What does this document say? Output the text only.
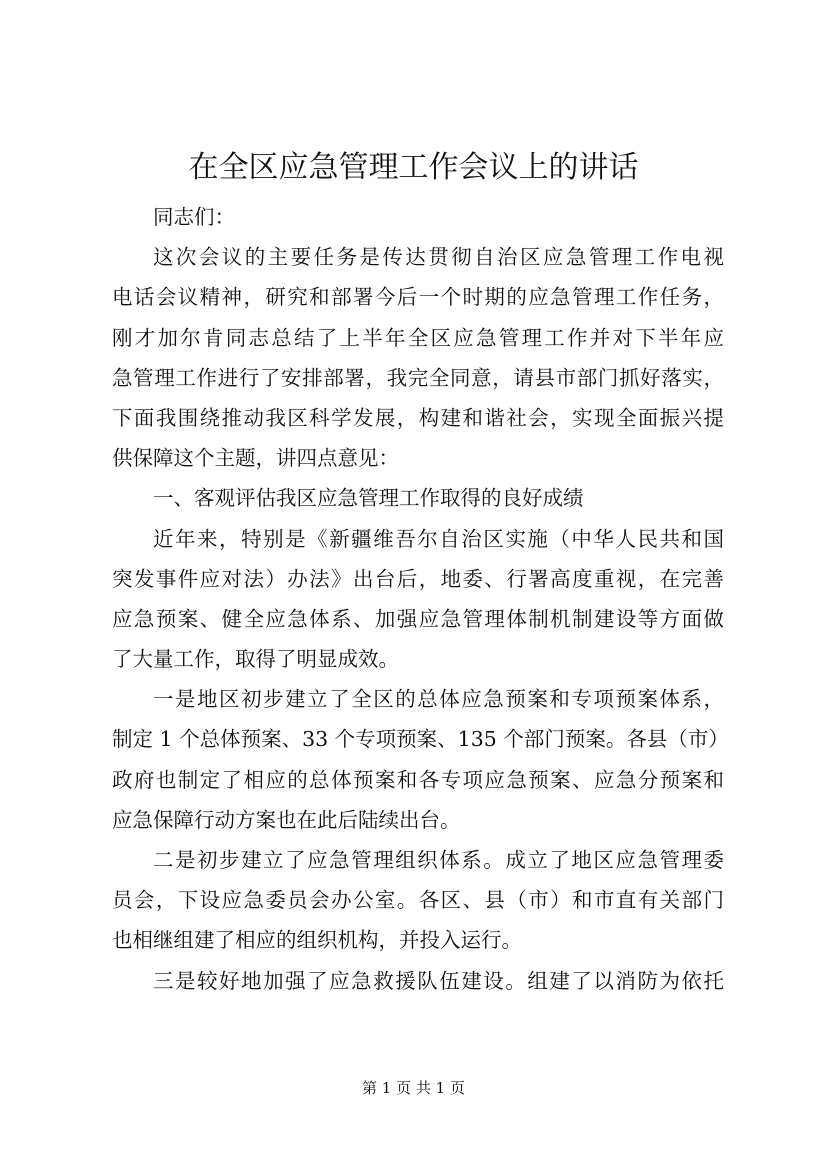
在全区应急管理工作会议上的讲话
同志们：
这次会议的主要任务是传达贯彻自治区应急管理工作电视
电话会议精神，研究和部署今后一个时期的应急管理工作任务，
刚才加尔肯同志总结了上半年全区应急管理工作并对下半年应
急管理工作进行了安排部署，我完全同意，请县市部门抓好落实，
下面我围绕推动我区科学发展，构建和谐社会，实现全面振兴提
供保障这个主题，讲四点意见：
一、客观评估我区应急管理工作取得的良好成绩
近年来，特别是《新疆维吾尔自治区实施（中华人民共和国
突发事件应对法）办法》出台后，地委、行署高度重视，在完善
应急预案、健全应急体系、加强应急管理体制机制建设等方面做
了大量工作，取得了明显成效。
一是地区初步建立了全区的总体应急预案和专项预案体系，
制定 1 个总体预案、33 个专项预案、135 个部门预案。各县（市）
政府也制定了相应的总体预案和各专项应急预案、应急分预案和
应急保障行动方案也在此后陆续出台。
二是初步建立了应急管理组织体系。成立了地区应急管理委
员会，下设应急委员会办公室。各区、县（市）和市直有关部门
也相继组建了相应的组织机构，并投入运行。
三是较好地加强了应急救援队伍建设。组建了以消防为依托
第 1 页 共 1 页
